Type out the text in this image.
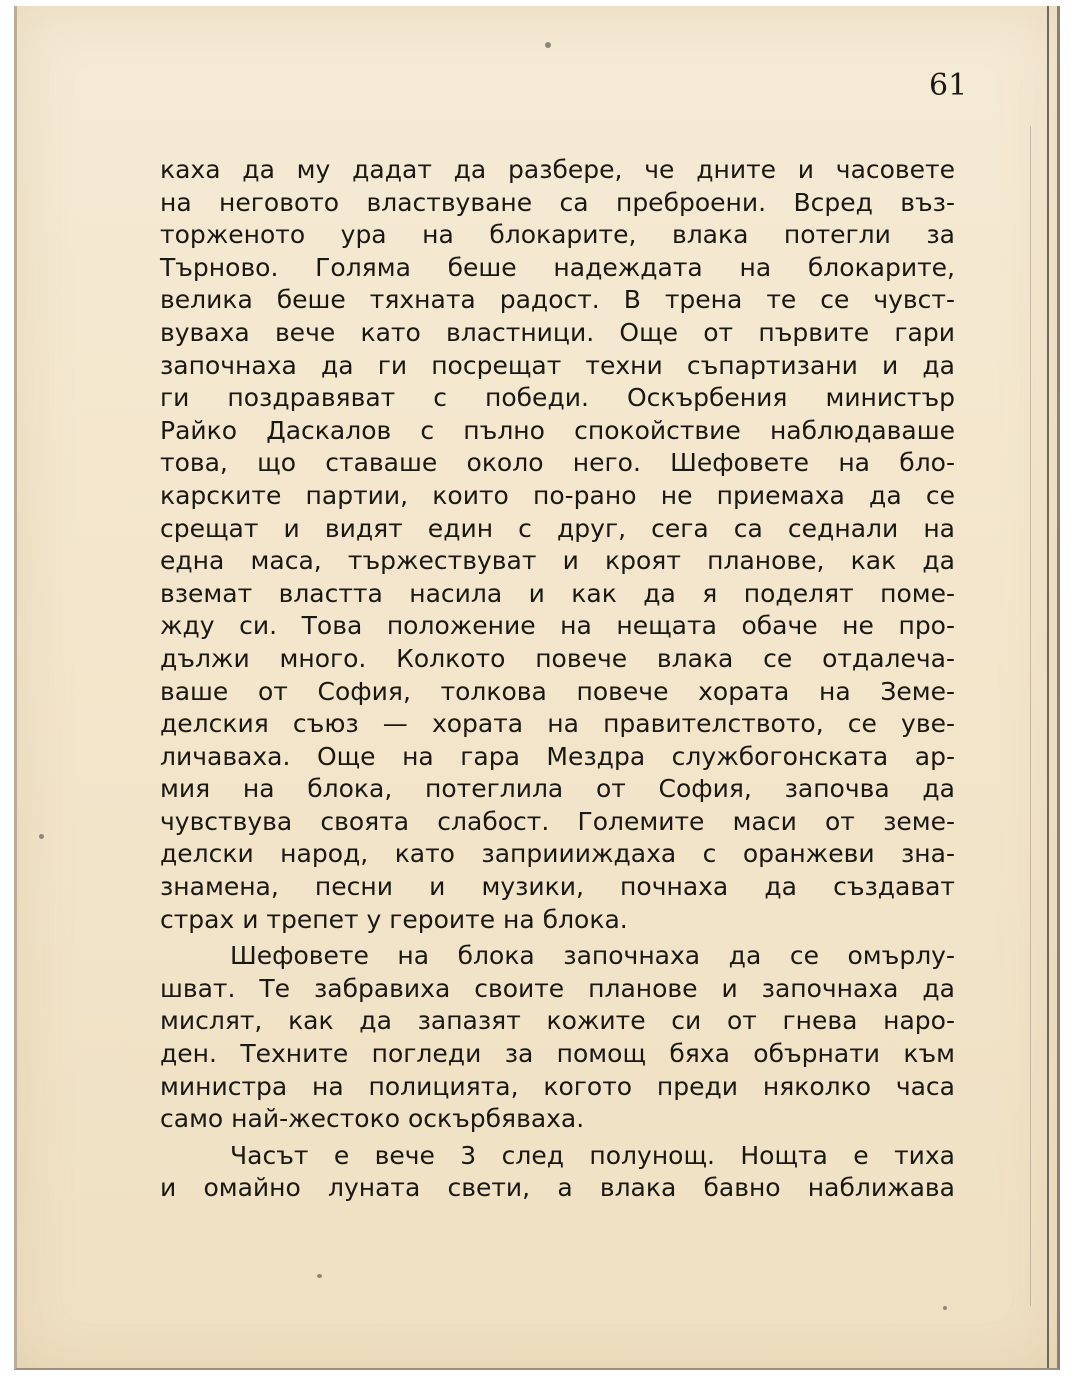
61
каха да му дадат да разбере, че дните и часовете
на неговото властвуване са преброени. Всред въз-
торженото ура на блокарите, влака потегли за
Търново. Голяма беше надеждата на блокарите,
велика беше тяхната радост. В трена те се чувст-
вуваха вече като властници. Още от първите гари
започнаха да ги посрещат техни съпартизани и да
ги поздравяват с победи. Оскърбения министър
Райко Даскалов с пълно спокойствие наблюдаваше
това, що ставаше около него. Шефовете на бло-
карските партии, които по-рано не приемаха да се
срещат и видят един с друг, сега са седнали на
една маса, тържествуват и кроят планове, как да
вземат властта насила и как да я поделят поме-
жду си. Това положение на нещата обаче не про-
дължи много. Колкото повече влака се отдалеча-
ваше от София, толкова повече хората на Земе-
делския съюз — хората на правителството, се уве-
личаваха. Още на гара Мездра службогонската ар-
мия на блока, потеглила от София, започва да
чувствува своята слабост. Големите маси от земе-
делски народ, като заприииждаха с оранжеви зна-
знамена, песни и музики, почнаха да създават
страх и трепет у героите на блока.
Шефовете на блока започнаха да се омърлу-
шват. Те забравиха своите планове и започнаха да
мислят, как да запазят кожите си от гнева наро-
ден. Техните погледи за помощ бяха обърнати към
министра на полицията, когото преди няколко часа
само най-жестоко оскърбяваха.
Часът е вече 3 след полунощ. Нощта е тиха
и омайно луната свети, а влака бавно наближава
